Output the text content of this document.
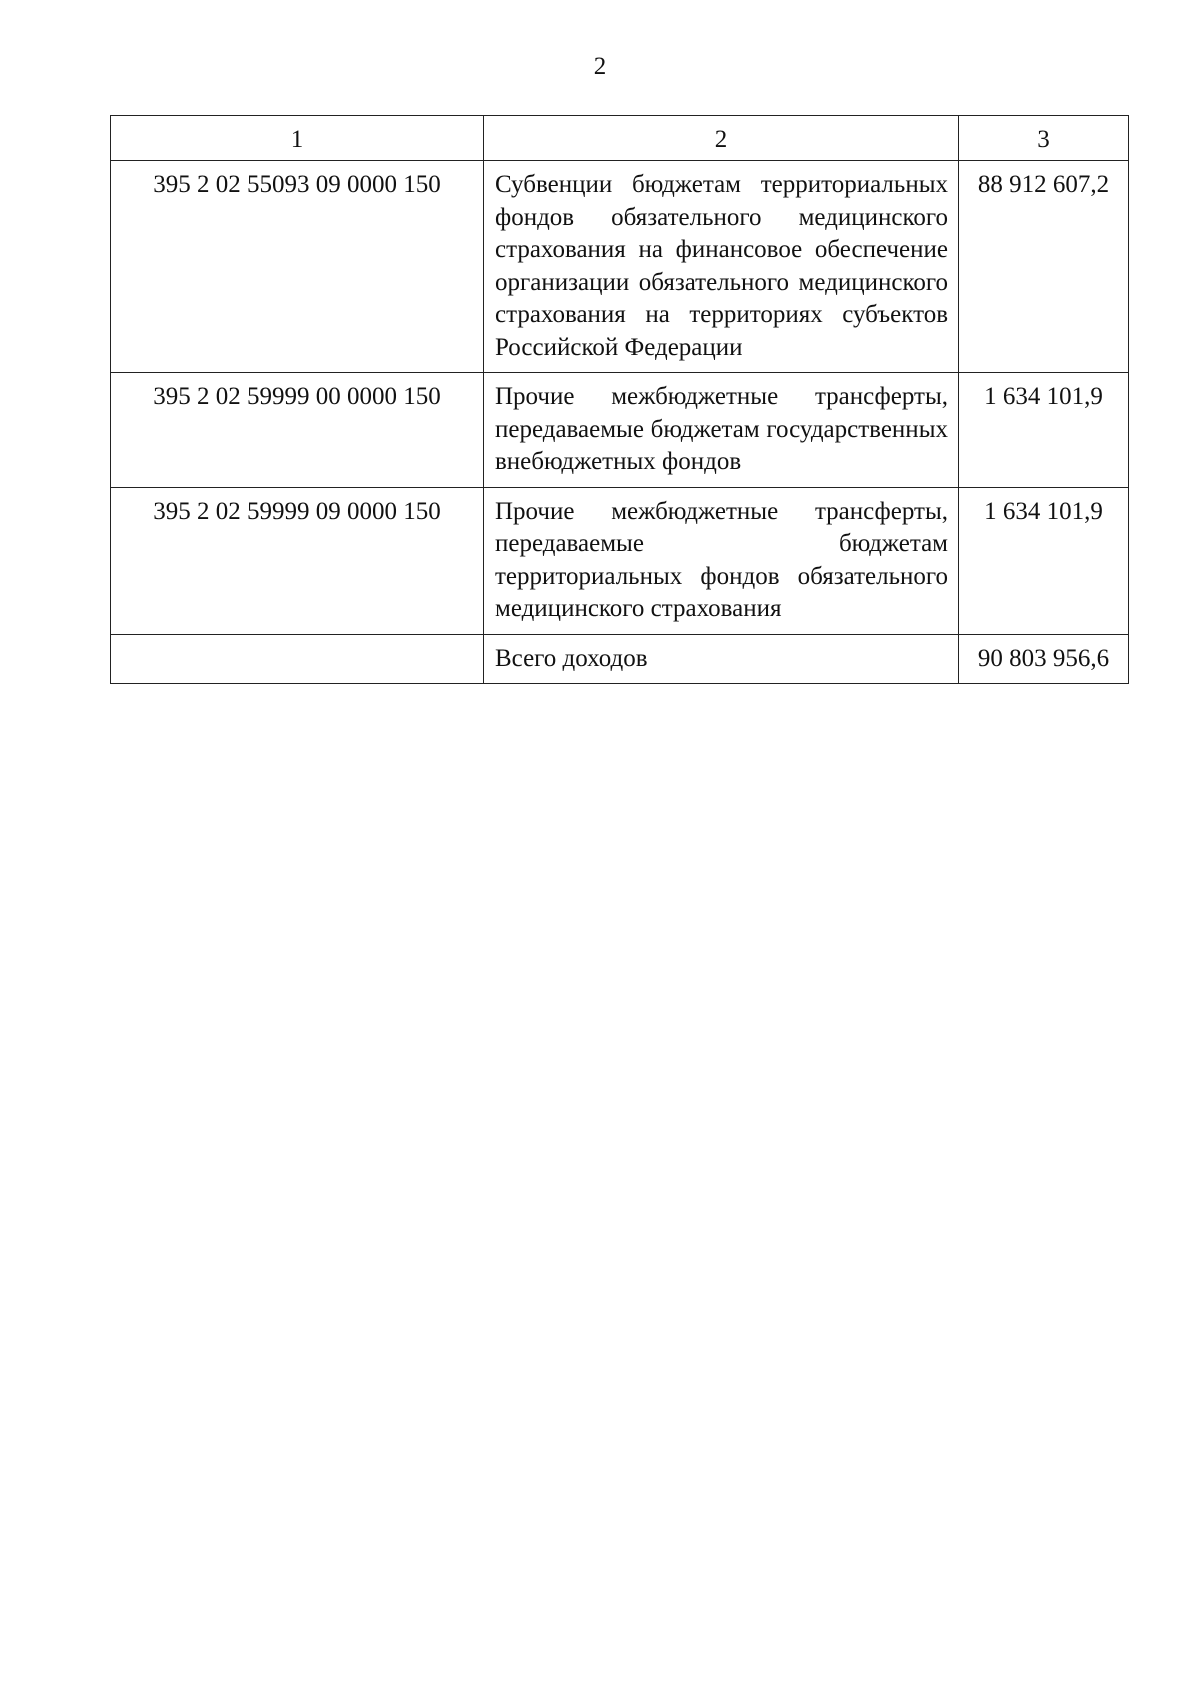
2
1	2	3
395 2 02 55093 09 0000 150	Субвенции бюджетам территориальных фондов обязательного медицинского страхования на финансовое обеспечение организации обязательного медицинского страхования на территориях субъектов Российской Федерации	88 912 607,2
395 2 02 59999 00 0000 150	Прочие межбюджетные трансферты, передаваемые бюджетам государственных внебюджетных фондов	1 634 101,9
395 2 02 59999 09 0000 150	Прочие межбюджетные трансферты, передаваемые бюджетам территориальных фондов обязательного медицинского страхования	1 634 101,9
	Всего доходов	90 803 956,6
